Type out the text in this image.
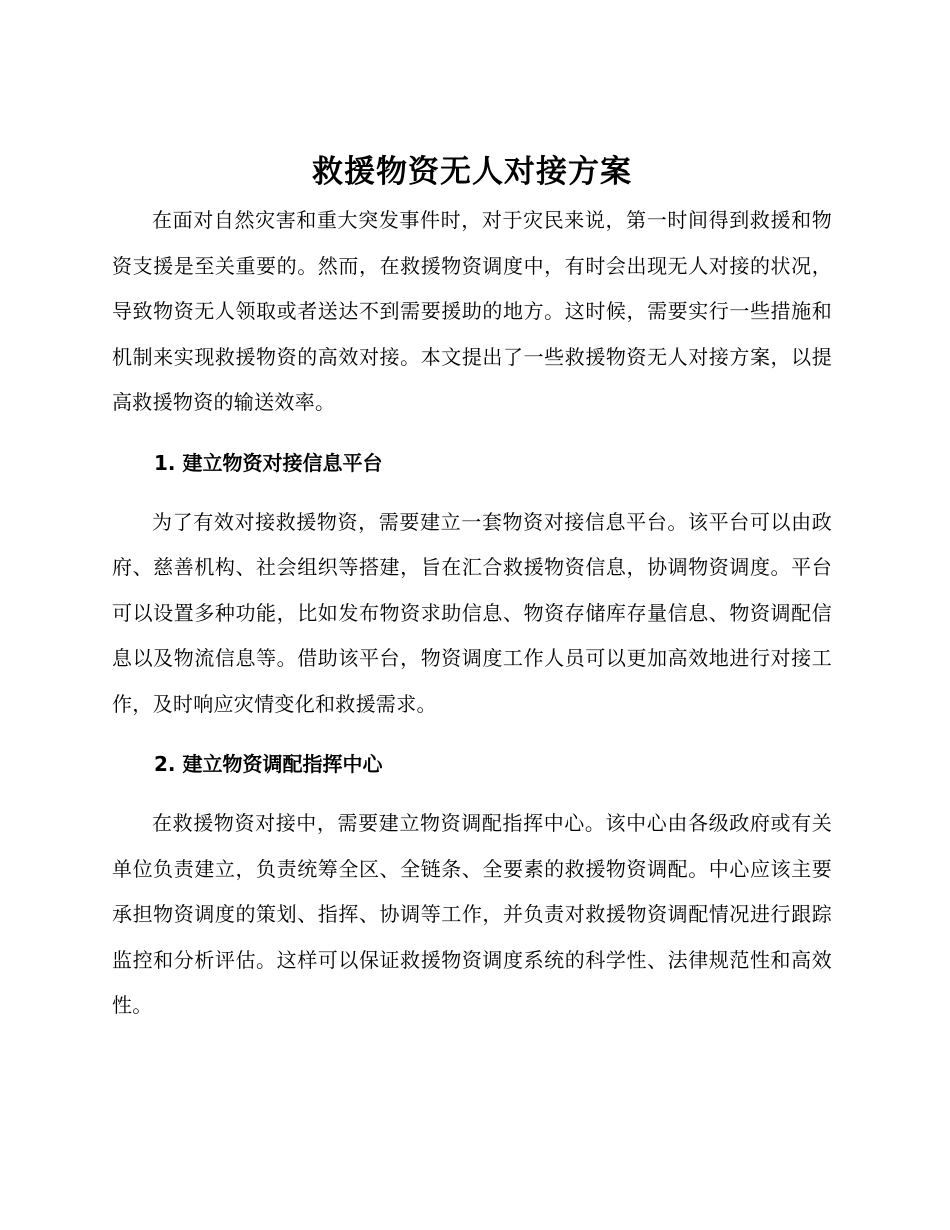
救援物资无人对接方案

在面对自然灾害和重大突发事件时，对于灾民来说，第一时间得到救援和物资支援是至关重要的。然而，在救援物资调度中，有时会出现无人对接的状况，导致物资无人领取或者送达不到需要援助的地方。这时候，需要实行一些措施和机制来实现救援物资的高效对接。本文提出了一些救援物资无人对接方案，以提高救援物资的输送效率。

1. 建立物资对接信息平台

为了有效对接救援物资，需要建立一套物资对接信息平台。该平台可以由政府、慈善机构、社会组织等搭建，旨在汇合救援物资信息，协调物资调度。平台可以设置多种功能，比如发布物资求助信息、物资存储库存量信息、物资调配信息以及物流信息等。借助该平台，物资调度工作人员可以更加高效地进行对接工作，及时响应灾情变化和救援需求。

2. 建立物资调配指挥中心

在救援物资对接中，需要建立物资调配指挥中心。该中心由各级政府或有关单位负责建立，负责统筹全区、全链条、全要素的救援物资调配。中心应该主要承担物资调度的策划、指挥、协调等工作，并负责对救援物资调配情况进行跟踪监控和分析评估。这样可以保证救援物资调度系统的科学性、法律规范性和高效性。
